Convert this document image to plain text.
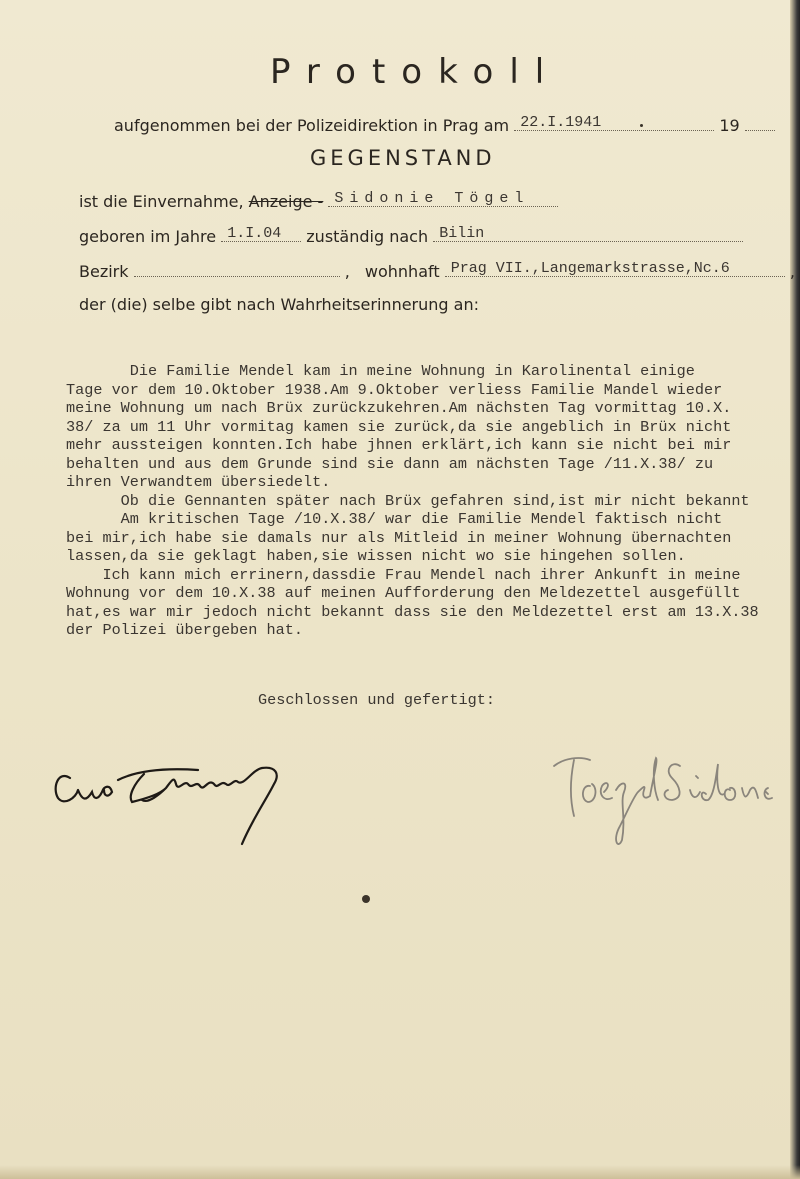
Protokoll
aufgenommen bei der Polizeidirektion in Prag am 22.I.1941	19
GEGENSTAND
ist die Einvernahme, Anzeige - Sidonie Tögel
geboren im Jahre 1.I.04 zuständig nach Bilin
Bezirk	, wohnhaft Prag VII.,Langemarkstrasse,Nc.6	,
der (die) selbe gibt nach Wahrheitserinnerung an:

Die Familie Mendel kam in meine Wohnung in Karolinental einige

Tage vor dem 10.Oktober 1938.Am 9.Oktober verliess Familie Mandel wieder

meine Wohnung um nach Brüx zurückzukehren.Am nächsten Tag vormittag 10.X.

38/ za um 11 Uhr vormitag kamen sie zurück,da sie angeblich in Brüx nicht

mehr aussteigen konnten.Ich habe jhnen erklärt,ich kann sie nicht bei mir

behalten und aus dem Grunde sind sie dann am nächsten Tage /11.X.38/ zu

ihren Verwandtem übersiedelt.

Ob die Gennanten später nach Brüx gefahren sind,ist mir nicht bekannt

Am kritischen Tage /10.X.38/ war die Familie Mendel faktisch nicht

bei mir,ich habe sie damals nur als Mitleid in meiner Wohnung übernachten

lassen,da sie geklagt haben,sie wissen nicht wo sie hingehen sollen.

Ich kann mich errinern,dassdie Frau Mendel nach ihrer Ankunft in meine

Wohnung vor dem 10.X.38 auf meinen Aufforderung den Meldezettel ausgefüllt

hat,es war mir jedoch nicht bekannt dass sie den Meldezettel erst am 13.X.38

der Polizei übergeben hat.

Geschlossen und gefertigt:
